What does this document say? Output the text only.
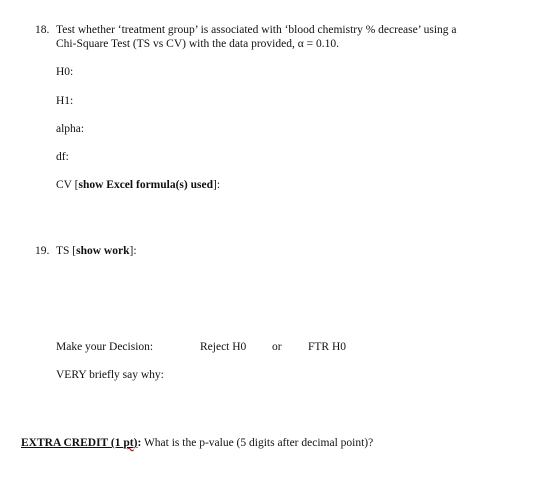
18. Test whether ‘treatment group’ is associated with ‘blood chemistry % decrease’ using a
Chi-Square Test (TS vs CV) with the data provided, α = 0.10.
H0:
H1:
alpha:
df:
CV [show Excel formula(s) used]:
19. TS [show work]:
Make your Decision:	Reject H0 or FTR H0
VERY briefly say why:
EXTRA CREDIT (1 pt): What is the p-value (5 digits after decimal point)?
